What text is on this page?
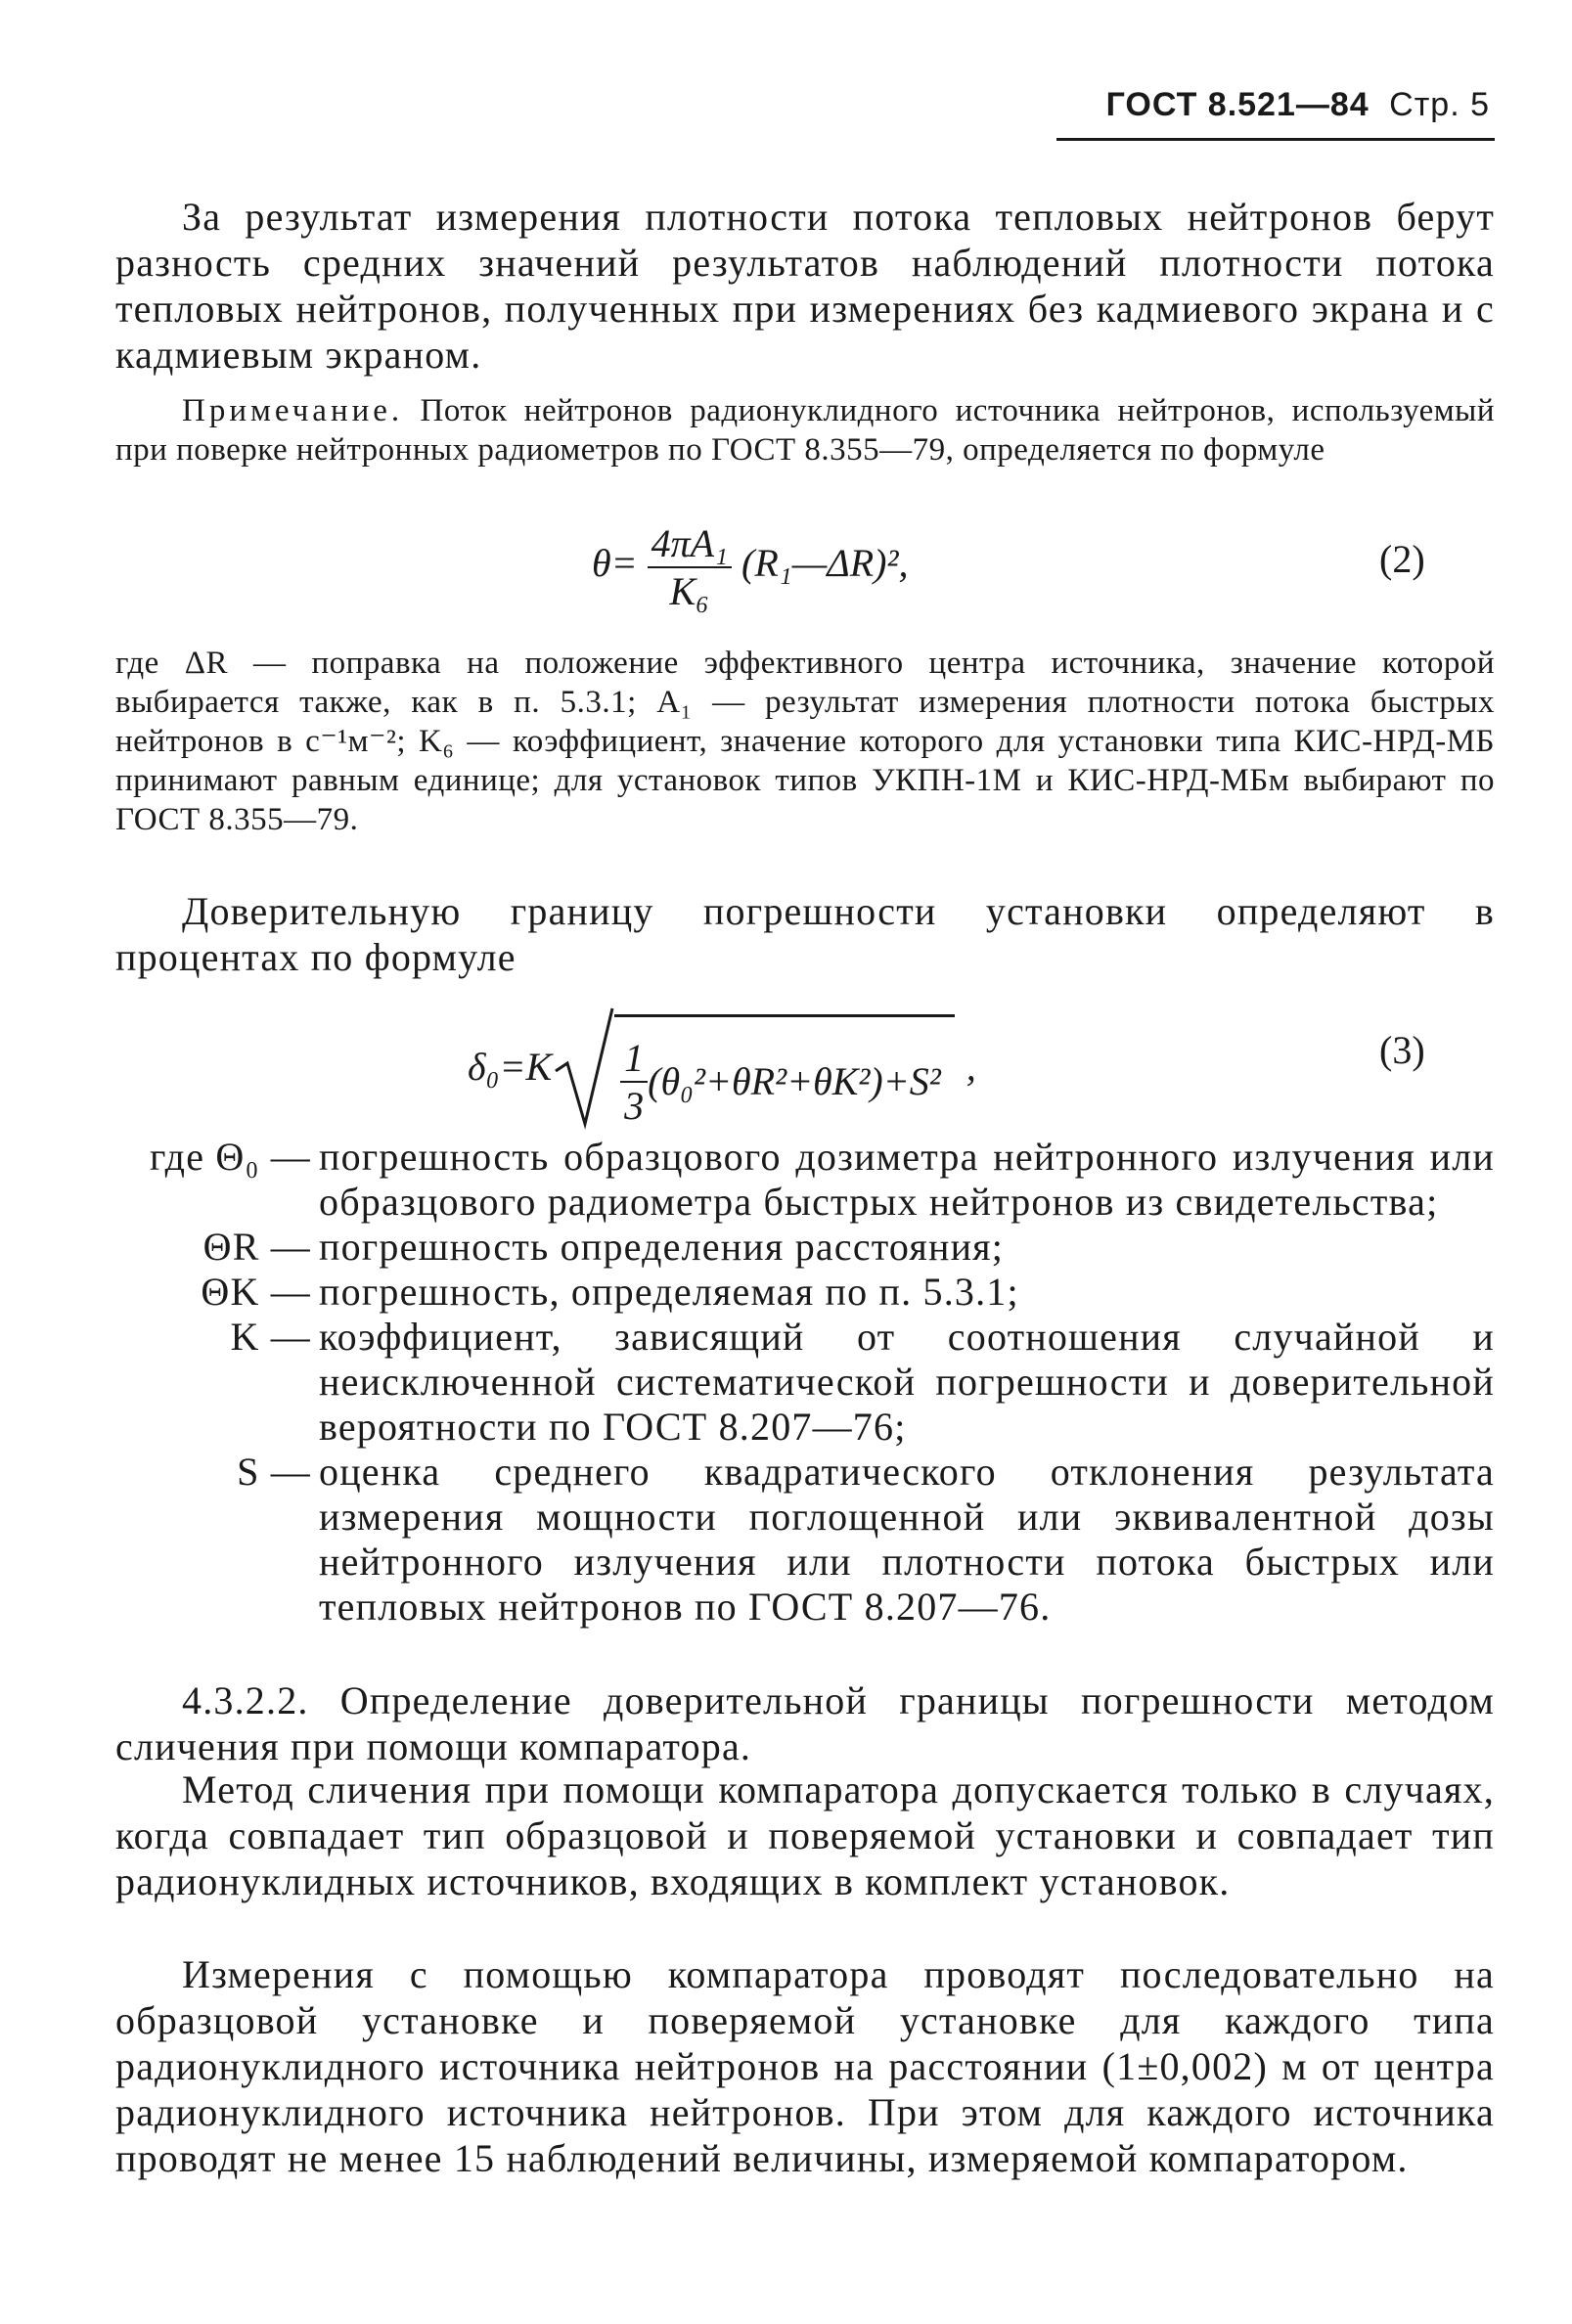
ГОСТ 8.521—84 Стр. 5
За результат измерения плотности потока тепловых нейтронов берут разность средних значений результатов наблюдений плотности потока тепловых нейтронов, полученных при измерениях без кадмиевого экрана и с кадмиевым экраном.
Примечание. Поток нейтронов радионуклидного источника нейтронов, используемый при поверке нейтронных радиометров по ГОСТ 8.355—79, определяется по формуле
$\theta= \frac{\text{4πA₁}}{\text{K₆}}$ (R₁—ΔR)²,	(2)
где ΔR — поправка на положение эффективного центра источника, значение которой выбирается также, как в п. 5.3.1; A₁ — результат измерения плотности потока быстрых нейтронов в с⁻¹м⁻²; K₆ — коэффициент, значение которого для установки типа КИС-НРД-МБ принимают равным единице; для установок типов УКПН-1М и КИС-НРД-МБм выбирают по ГОСТ 8.355—79.
Доверительную границу погрешности установки определяют в процентах по формуле
$\delta_0=K \frac{1}{3} (\theta_0^2+\theta R^2+\theta K^2)+S^2$ ,	(3)
где Θ₀ — погрешность образцового дозиметра нейтронного излучения или образцового радиометра быстрых нейтронов из свидетельства;
ΘR — погрешность определения расстояния;
ΘK — погрешность, определяемая по п. 5.3.1;
K — коэффициент, зависящий от соотношения случайной и неисключенной систематической погрешности и доверительной вероятности по ГОСТ 8.207—76;
S — оценка среднего квадратического отклонения результата измерения мощности поглощенной или эквивалентной дозы нейтронного излучения или плотности потока быстрых или тепловых нейтронов по ГОСТ 8.207—76.
4.3.2.2. Определение доверительной границы погрешности методом сличения при помощи компаратора.
Метод сличения при помощи компаратора допускается только в случаях, когда совпадает тип образцовой и поверяемой установки и совпадает тип радионуклидных источников, входящих в комплект установок.
Измерения с помощью компаратора проводят последовательно на образцовой установке и поверяемой установке для каждого типа радионуклидного источника нейтронов на расстоянии (1±0,002) м от центра радионуклидного источника нейтронов. При этом для каждого источника проводят не менее 15 наблюдений величины, измеряемой компаратором.
